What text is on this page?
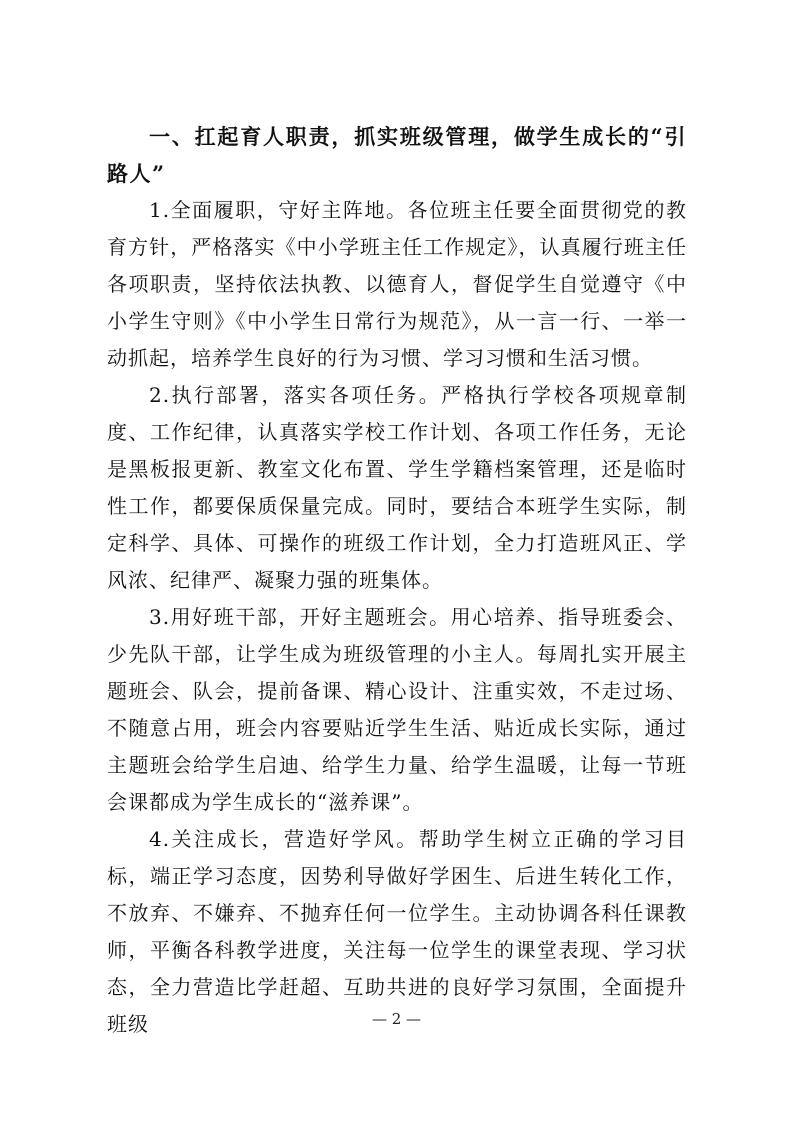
一、扛起育人职责，抓实班级管理，做学生成长的“引路人”

1.全面履职，守好主阵地。各位班主任要全面贯彻党的教育方针，严格落实《中小学班主任工作规定》，认真履行班主任各项职责，坚持依法执教、以德育人，督促学生自觉遵守《中小学生守则》《中小学生日常行为规范》，从一言一行、一举一动抓起，培养学生良好的行为习惯、学习习惯和生活习惯。

2.执行部署，落实各项任务。严格执行学校各项规章制度、工作纪律，认真落实学校工作计划、各项工作任务，无论是黑板报更新、教室文化布置、学生学籍档案管理，还是临时性工作，都要保质保量完成。同时，要结合本班学生实际，制定科学、具体、可操作的班级工作计划，全力打造班风正、学风浓、纪律严、凝聚力强的班集体。

3.用好班干部，开好主题班会。用心培养、指导班委会、少先队干部，让学生成为班级管理的小主人。每周扎实开展主题班会、队会，提前备课、精心设计、注重实效，不走过场、不随意占用，班会内容要贴近学生生活、贴近成长实际，通过主题班会给学生启迪、给学生力量、给学生温暖，让每一节班会课都成为学生成长的“滋养课”。

4.关注成长，营造好学风。帮助学生树立正确的学习目标，端正学习态度，因势利导做好学困生、后进生转化工作，不放弃、不嫌弃、不抛弃任何一位学生。主动协调各科任课教师，平衡各科教学进度，关注每一位学生的课堂表现、学习状态，全力营造比学赶超、互助共进的良好学习氛围，全面提升班级	— 2 —
